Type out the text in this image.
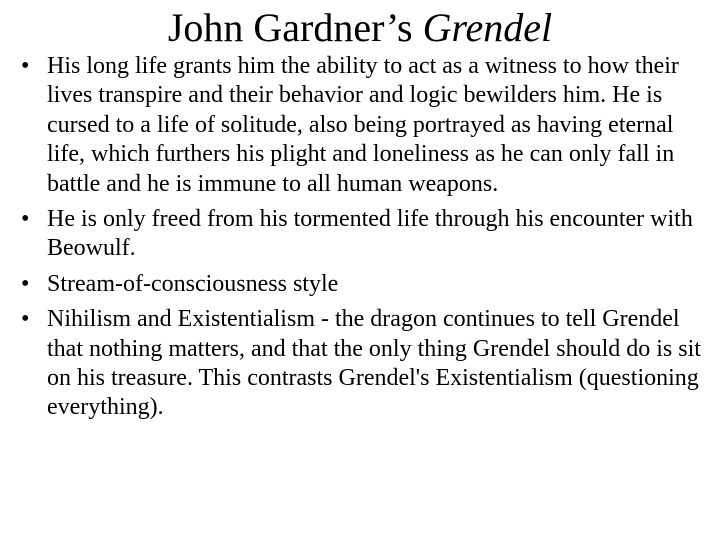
John Gardner’s Grendel
• His long life grants him the ability to act as a witness to how their lives transpire and their behavior and logic bewilders him. He is cursed to a life of solitude, also being portrayed as having eternal life, which furthers his plight and loneliness as he can only fall in battle and he is immune to all human weapons.
• He is only freed from his tormented life through his encounter with Beowulf.
• Stream-of-consciousness style
• Nihilism and Existentialism - the dragon continues to tell Grendel that nothing matters, and that the only thing Grendel should do is sit on his treasure. This contrasts Grendel's Existentialism (questioning everything).
